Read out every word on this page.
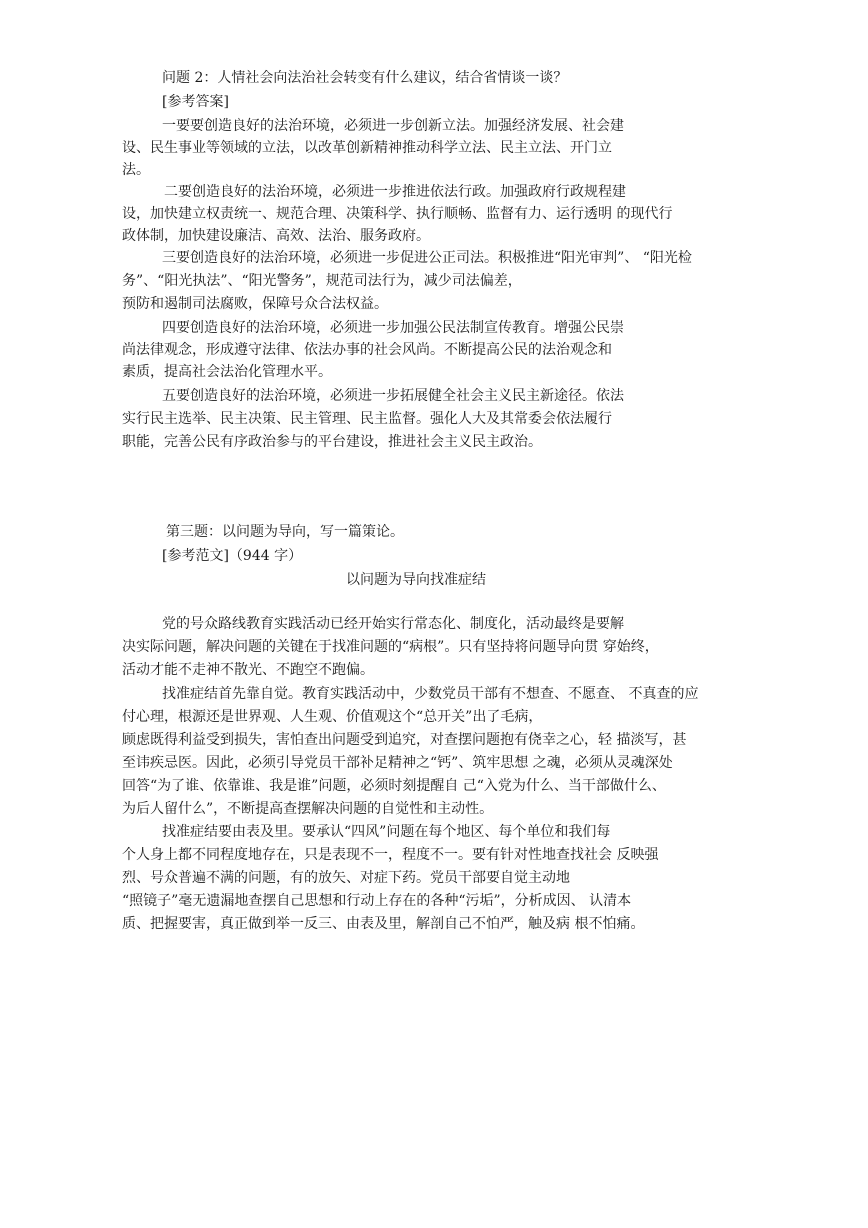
问题 2：人情社会向法治社会转变有什么建议，结合省情谈一谈？
[参考答案]
一要要创造良好的法治环境，必须进一步创新立法。加强经济发展、社会建
设、民生事业等领域的立法，以改革创新精神推动科学立法、民主立法、开门立
法。
二要创造良好的法治环境，必须进一步推进依法行政。加强政府行政规程建
设，加快建立权责统一、规范合理、决策科学、执行顺畅、监督有力、运行透明 的现代行
政体制，加快建设廉洁、高效、法治、服务政府。
三要创造良好的法治环境，必须进一步促进公正司法。积极推进“阳光审判”、 “阳光检
务”、“阳光执法”、“阳光警务”，规范司法行为，减少司法偏差，
预防和遏制司法腐败，保障号众合法权益。
四要创造良好的法治环境，必须进一步加强公民法制宣传教育。增强公民崇
尚法律观念，形成遵守法律、依法办事的社会风尚。不断提高公民的法治观念和
素质，提高社会法治化管理水平。
五要创造良好的法治环境，必须进一步拓展健全社会主义民主新途径。依法
实行民主选举、民主决策、民主管理、民主监督。强化人大及其常委会依法履行
职能，完善公民有序政治参与的平台建设，推进社会主义民主政治。
第三题：以问题为导向，写一篇策论。
[参考范文]（944 字）
以问题为导向找准症结
党的号众路线教育实践活动已经开始实行常态化、制度化，活动最终是要解
决实际问题，解决问题的关键在于找准问题的“病根”。只有坚持将问题导向贯 穿始终，
活动才能不走神不散光、不跑空不跑偏。
找准症结首先靠自觉。教育实践活动中，少数党员干部有不想查、不愿查、 不真查的应
付心理，根源还是世界观、人生观、价值观这个“总开关”出了毛病，
顾虑既得利益受到损失，害怕查出问题受到追究，对查摆问题抱有侥幸之心，轻 描淡写，甚
至讳疾忌医。因此，必须引导党员干部补足精神之“钙”、筑牢思想 之魂，必须从灵魂深处
回答“为了谁、依靠谁、我是谁”问题，必须时刻提醒自 己“入党为什么、当干部做什么、
为后人留什么”，不断提高查摆解决问题的自觉性和主动性。
找准症结要由表及里。要承认“四风”问题在每个地区、每个单位和我们每
个人身上都不同程度地存在，只是表现不一，程度不一。要有针对性地查找社会 反映强
烈、号众普遍不满的问题，有的放矢、对症下药。党员干部要自觉主动地
“照镜子”毫无遗漏地查摆自己思想和行动上存在的各种“污垢”，分析成因、 认清本
质、把握要害，真正做到举一反三、由表及里，解剖自己不怕严，触及病 根不怕痛。
